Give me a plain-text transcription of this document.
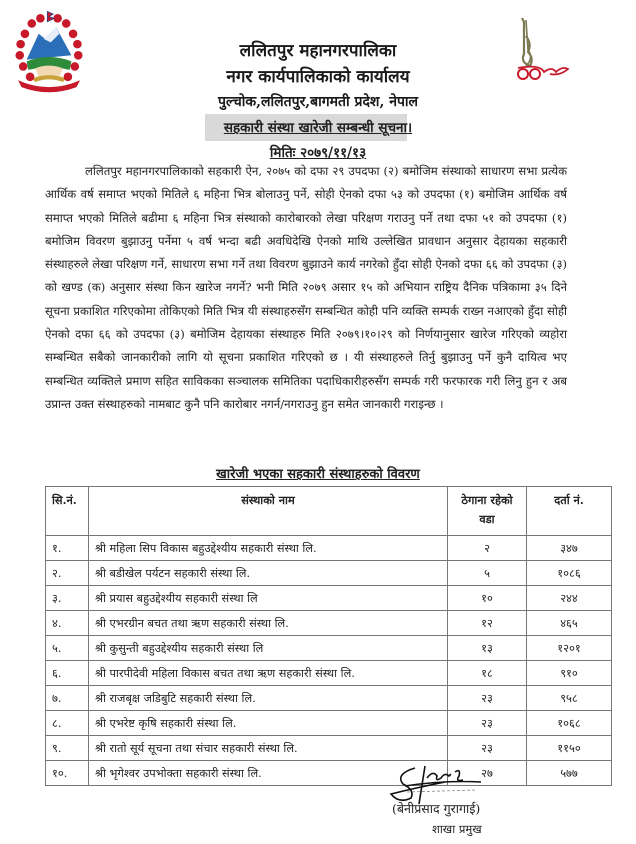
ललितपुर महानगरपालिका
नगर कार्यपालिकाको कार्यालय
पुल्चोक,ललितपुर,बागमती प्रदेश, नेपाल
सहकारी संस्था खारेजी सम्बन्धी सूचना।
मितिः २०७९/११/१३
ललितपुर महानगरपालिकाको सहकारी ऐन, २०७५ को दफा २९ उपदफा (२) बमोजिम संस्थाको साधारण सभा प्रत्येक आर्थिक वर्ष समाप्त भएको मितिले ६ महिना भित्र बोलाउनु पर्ने, सोही ऐनको दफा ५३ को उपदफा (१) बमोजिम आर्थिक वर्ष समाप्त भएको मितिले बढीमा ६ महिना भित्र संस्थाको कारोबारको लेखा परिक्षण गराउनु पर्ने तथा दफा ५१ को उपदफा (१) बमोजिम विवरण बुझाउनु पर्नेमा ५ वर्ष भन्दा बढी अवधिदेखि ऐनको माथि उल्लेखित प्रावधान अनुसार देहायका सहकारी संस्थाहरुले लेखा परिक्षण गर्ने, साधारण सभा गर्ने तथा विवरण बुझाउने कार्य नगरेको हुँदा सोही ऐनको दफा ६६ को उपदफा (३) को खण्ड (क) अनुसार संस्था किन खारेज नगर्ने? भनी मिति २०७९ असार १५ को अभियान राष्ट्रिय दैनिक पत्रिकामा ३५ दिने सूचना प्रकाशित गरिएकोमा तोकिएको मिति भित्र यी संस्थाहरुसँग सम्बन्धित कोही पनि व्यक्ति सम्पर्क राख्न नआएको हुँदा सोही ऐनको दफा ६६ को उपदफा (३) बमोजिम देहायका संस्थाहरु मिति २०७९।१०।२९ को निर्णयानुसार खारेज गरिएको व्यहोरा सम्बन्धित सबैको जानकारीको लागि यो सूचना प्रकाशित गरिएको छ । यी संस्थाहरुले तिर्नु बुझाउनु पर्ने कुनै दायित्व भए सम्बन्धित व्यक्तिले प्रमाण सहित साविकका सञ्चालक समितिका पदाधिकारीहरुसँग सम्पर्क गरी फरफारक गरी लिनु हुन र अब उप्रान्त उक्त संस्थाहरुको नामबाट कुनै पनि कारोबार नगर्न/नगराउनु हुन समेत जानकारी गराइन्छ ।
खारेजी भएका सहकारी संस्थाहरुको विवरण
सि.नं.	संस्थाको नाम	ठेगाना रहेको वडा	दर्ता नं.
१.	श्री महिला सिप विकास बहुउद्देश्यीय सहकारी संस्था लि.	२	३४७
२.	श्री बडीखेल पर्यटन सहकारी संस्था लि.	५	१०८६
३.	श्री प्रयास बहुउद्देश्यीय सहकारी संस्था लि	१०	२४४
४.	श्री एभरग्रीन बचत तथा ऋण सहकारी संस्था लि.	१२	४६५
५.	श्री कुसुन्ती बहुउद्देश्यीय सहकारी संस्था लि	१३	१२०१
६.	श्री पारपीदेवी महिला विकास बचत तथा ऋण सहकारी संस्था लि.	१८	९१०
७.	श्री राजबृक्ष जडिबुटि सहकारी संस्था लि.	२३	९५८
८.	श्री एभरेष्ट कृषि सहकारी संस्था लि.	२३	१०६८
९.	श्री रातो सूर्य सूचना तथा संचार सहकारी संस्था लि.	२३	११५०
१०.	श्री भृगेश्वर उपभोक्ता सहकारी संस्था लि.	२७	५७७
(बेनीप्रसाद गुरागाई)
शाखा प्रमुख
